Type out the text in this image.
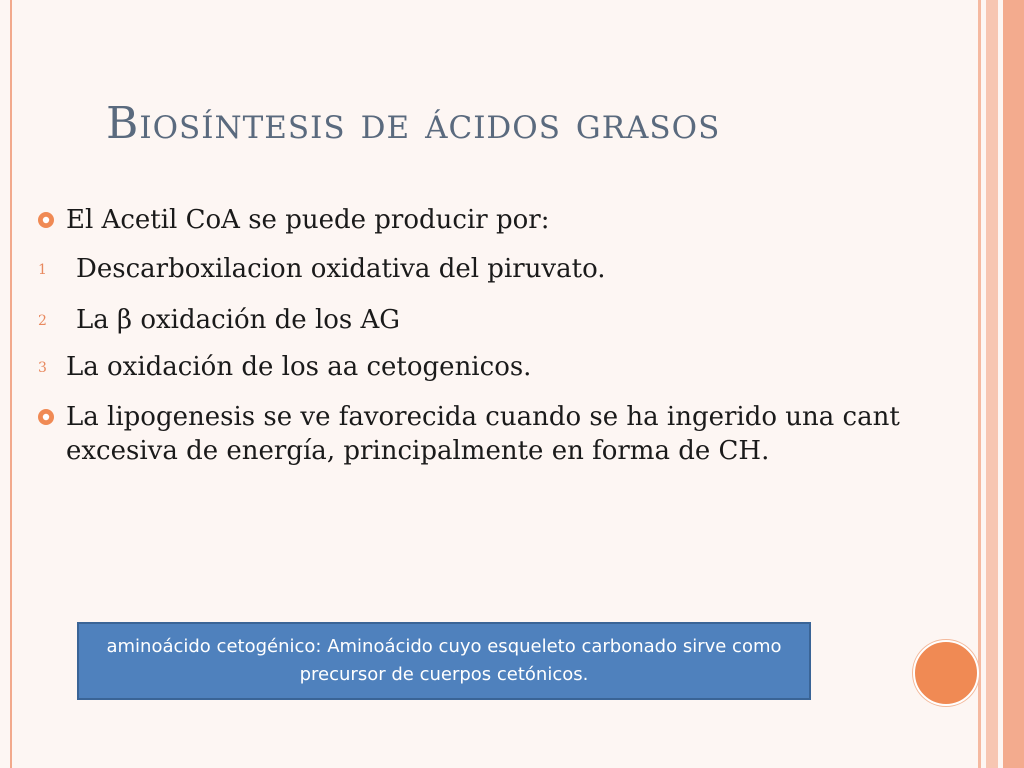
Biosíntesis de ácidos grasos
El Acetil CoA se puede producir por:
1 Descarboxilacion oxidativa del piruvato.
2 La β oxidación de los AG
3 La oxidación de los aa cetogenicos.
La lipogenesis se ve favorecida cuando se ha ingerido una cant excesiva de energía, principalmente en forma de CH.
aminoácido cetogénico: Aminoácido cuyo esqueleto carbonado sirve como precursor de cuerpos cetónicos.
